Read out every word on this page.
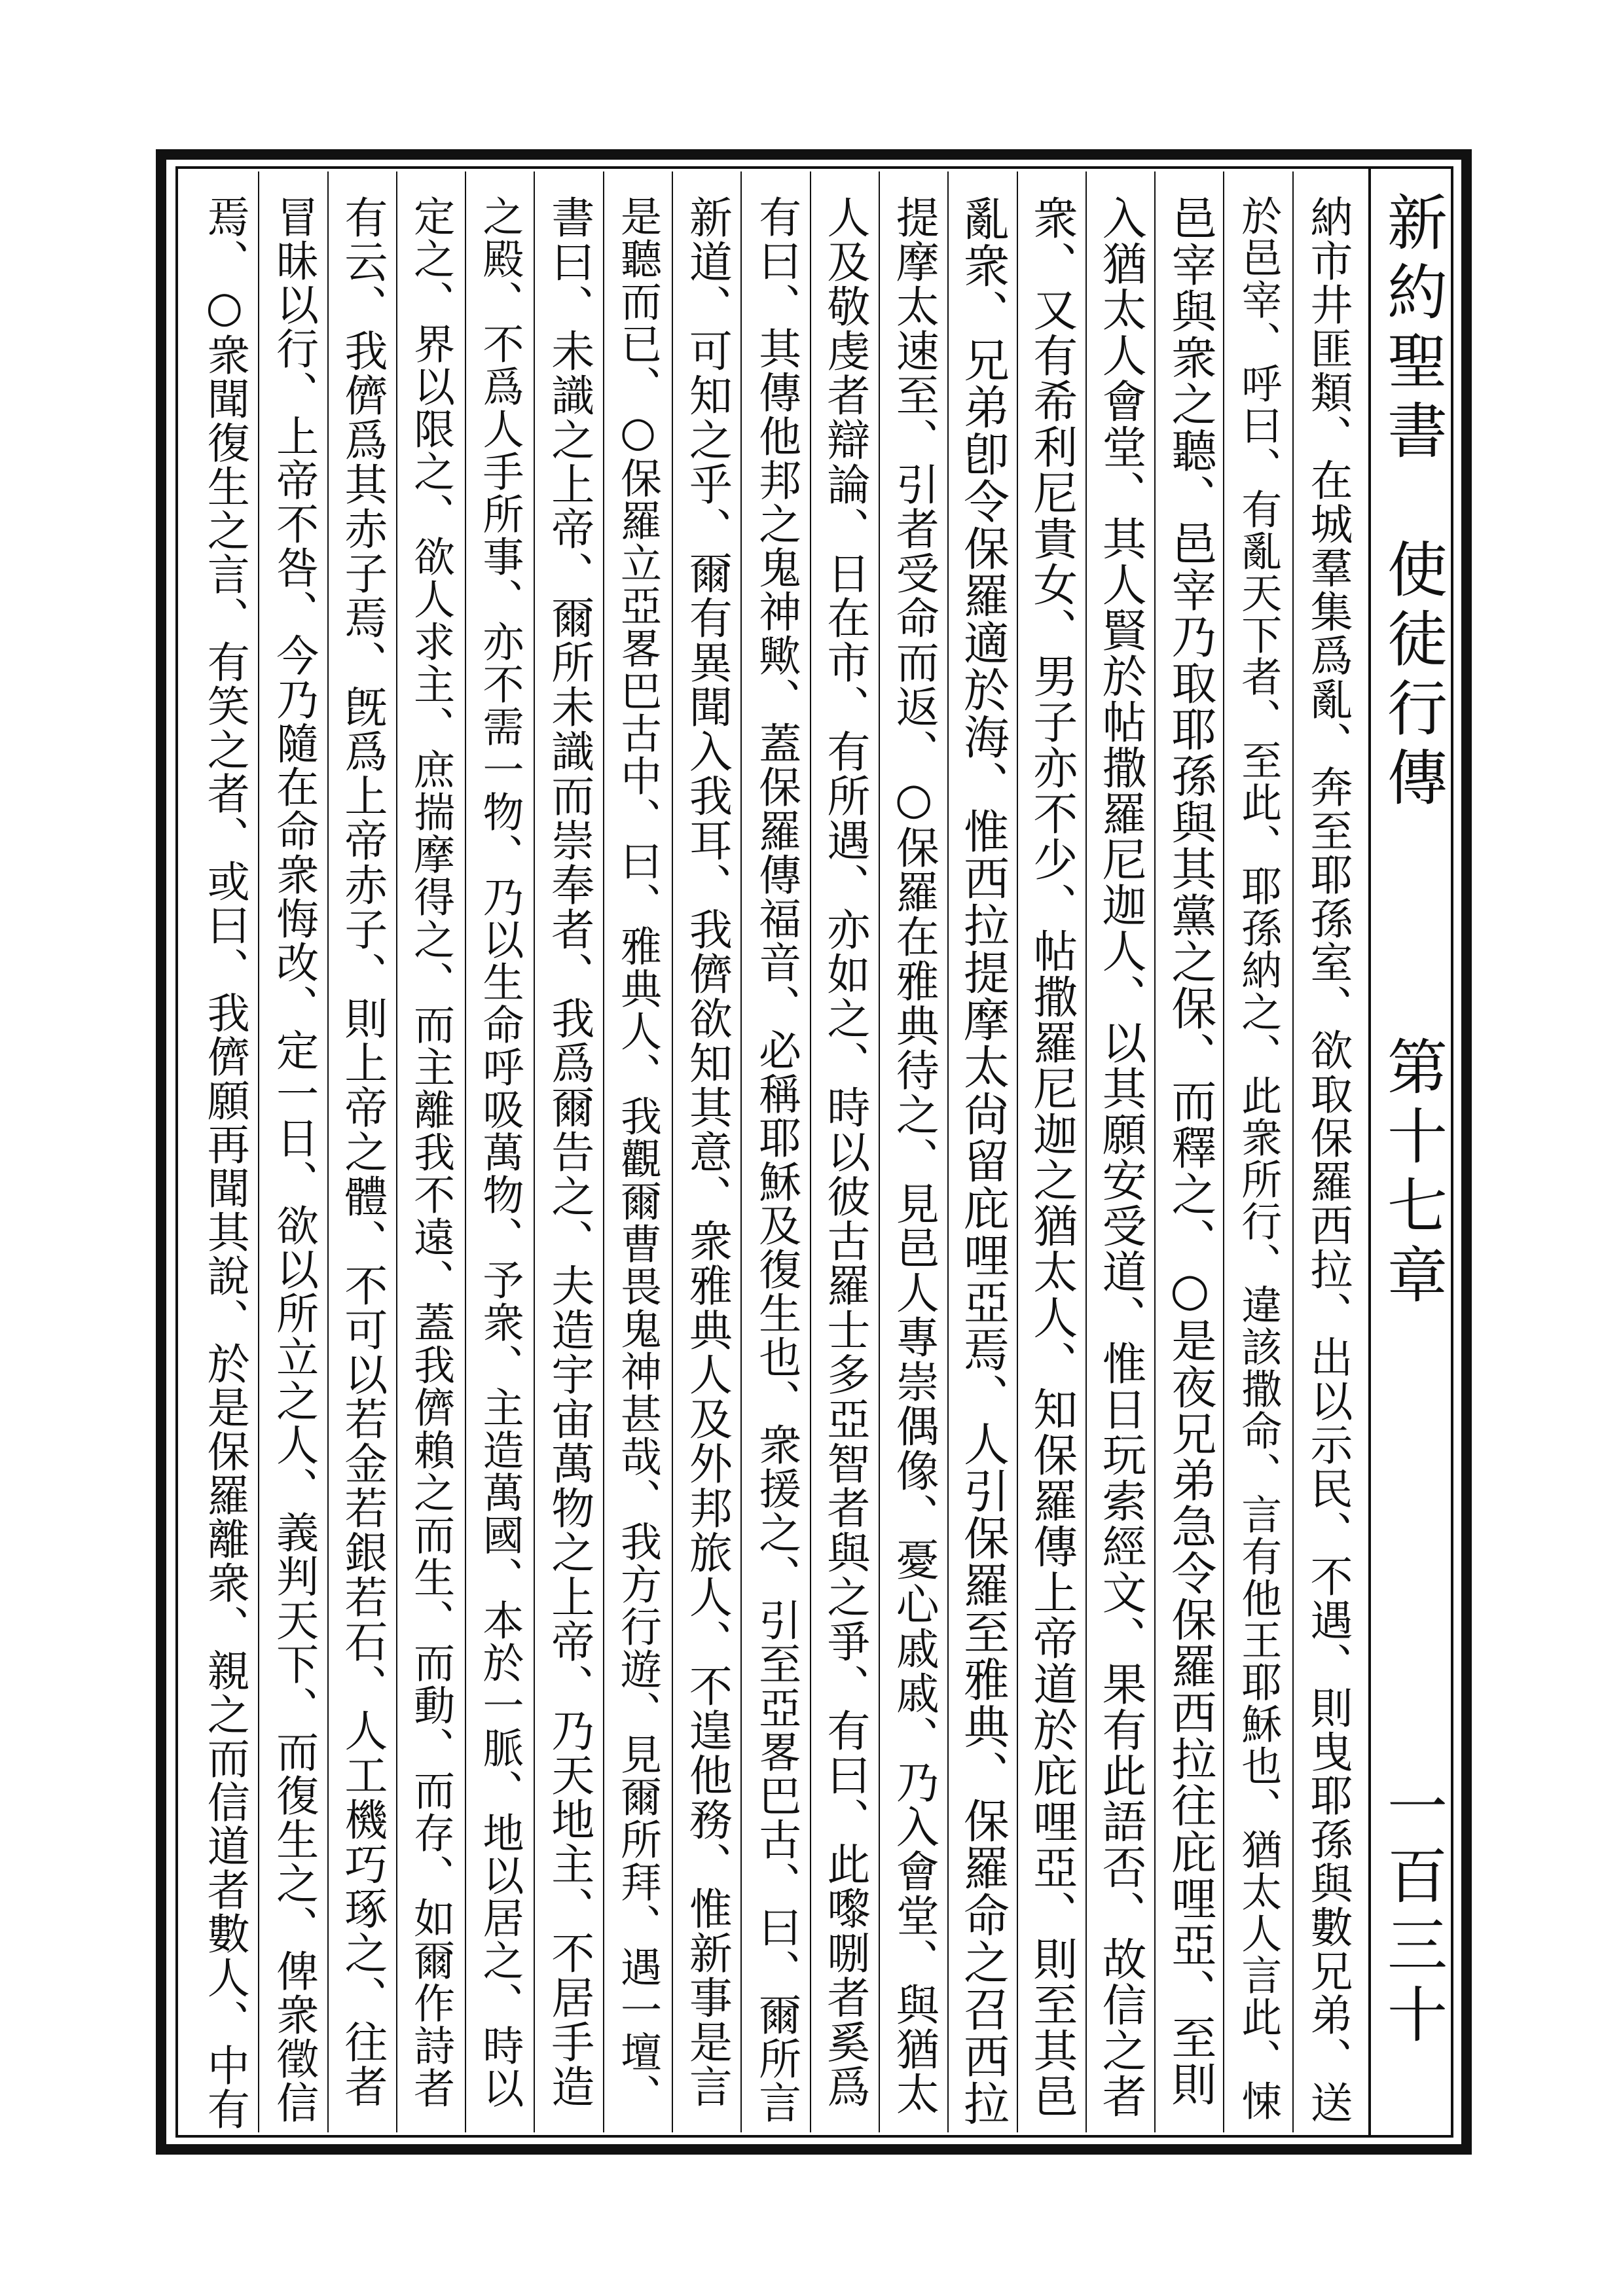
新約聖書
使徒行傳
第十七章
一百三十
納市井匪類、在城羣集爲亂、奔至耶孫室、欲取保羅西拉、出以示民、不遇、則曳耶孫與數兄弟、送
於邑宰、呼曰、有亂天下者、至此、耶孫納之、此衆所行、違該撒命、言有他王耶穌也、猶太人言此、悚
邑宰與衆之聽、邑宰乃取耶孫與其黨之保、而釋之、○是夜兄弟急令保羅西拉往庇哩亞、至則
入猶太人會堂、其人賢於帖撒羅尼迦人、以其願安受道、惟日玩索經文、果有此語否、故信之者
衆、又有希利尼貴女、男子亦不少、帖撒羅尼迦之猶太人、知保羅傳上帝道於庇哩亞、則至其邑
亂衆、兄弟卽令保羅適於海、惟西拉提摩太尙留庇哩亞焉、人引保羅至雅典、保羅命之召西拉
提摩太速至、引者受命而返、○保羅在雅典待之、見邑人專崇偶像、憂心戚戚、乃入會堂、與猶太
人及敬虔者辯論、日在市、有所遇、亦如之、時以彼古羅士多亞智者與之爭、有曰、此嚟哵者奚爲
有曰、其傳他邦之鬼神歟、蓋保羅傳福音、必稱耶穌及復生也、衆援之、引至亞畧巴古、曰、爾所言
新道、可知之乎、爾有異聞入我耳、我儕欲知其意、衆雅典人及外邦旅人、不遑他務、惟新事是言
是聽而已、○保羅立亞畧巴古中、曰、雅典人、我觀爾曹畏鬼神甚哉、我方行遊、見爾所拜、遇一壇、
書曰、未識之上帝、爾所未識而崇奉者、我爲爾告之、夫造宇宙萬物之上帝、乃天地主、不居手造
之殿、不爲人手所事、亦不需一物、乃以生命呼吸萬物、予衆、主造萬國、本於一脈、地以居之、時以
定之、界以限之、欲人求主、庶揣摩得之、而主離我不遠、蓋我儕賴之而生、而動、而存、如爾作詩者
有云、我儕爲其赤子焉、旣爲上帝赤子、則上帝之體、不可以若金若銀若石、人工機巧琢之、往者
冒昧以行、上帝不咎、今乃隨在命衆悔改、定一日、欲以所立之人、義判天下、而復生之、俾衆徵信
焉、○衆聞復生之言、有笑之者、或曰、我儕願再聞其說、於是保羅離衆、親之而信道者數人、中有
